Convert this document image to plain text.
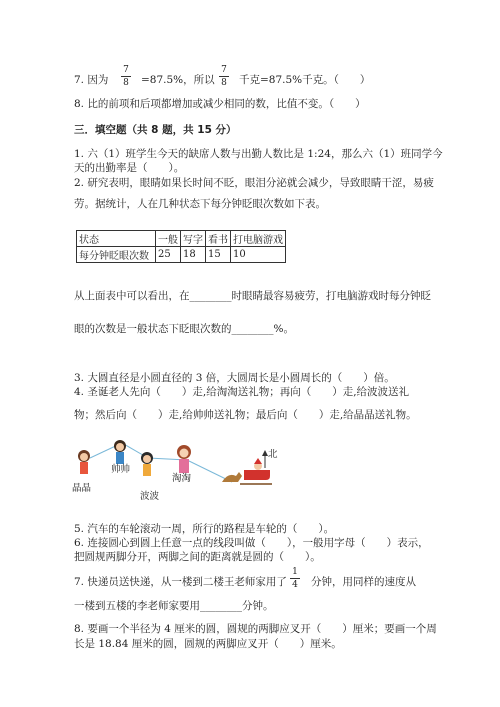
7. 因为
7
8 =87.5%，所以
7
8 千克=87.5%千克。（　　）
8. 比的前项和后项都增加或减少相同的数，比值不变。（　　）
三．填空题（共 8 题，共 15 分）
1. 六（1）班学生今天的缺席人数与出勤人数比是 1:24，那么六（1）班同学今
天的出勤率是（　　）。
2. 研究表明，眼睛如果长时间不眨，眼泪分泌就会减少，导致眼睛干涩，易疲
劳。据统计，人在几种状态下每分钟眨眼次数如下表。
状态	一般	写字	看书	打电脑游戏
每分钟眨眼次数	25	18	15	10
从上面表中可以看出，在________时眼睛最容易疲劳，打电脑游戏时每分钟眨
眼的次数是一般状态下眨眼次数的________%。
3. 大圆直径是小圆直径的 3 倍，大圆周长是小圆周长的（　　）倍。
4. 圣诞老人先向（　　）走,给淘淘送礼物；再向（　　）走,给波波送礼
物；然后向（　　）走,给帅帅送礼物；最后向（　　）走,给晶晶送礼物。
晶晶
帅帅
波波
淘淘
北
5. 汽车的车轮滚动一周，所行的路程是车轮的（　　）。
6. 连接圆心到圆上任意一点的线段叫做（　　），一般用字母（　　）表示，
把圆规两脚分开，两脚之间的距离就是圆的（　　）。
7. 快递员送快递，从一楼到二楼王老师家用了
1
4 分钟，用同样的速度从
一楼到五楼的李老师家要用________分钟。
8. 要画一个半径为 4 厘米的圆，圆规的两脚应叉开（　　）厘米；要画一个周
长是 18.84 厘米的圆，圆规的两脚应叉开（　　）厘米。
